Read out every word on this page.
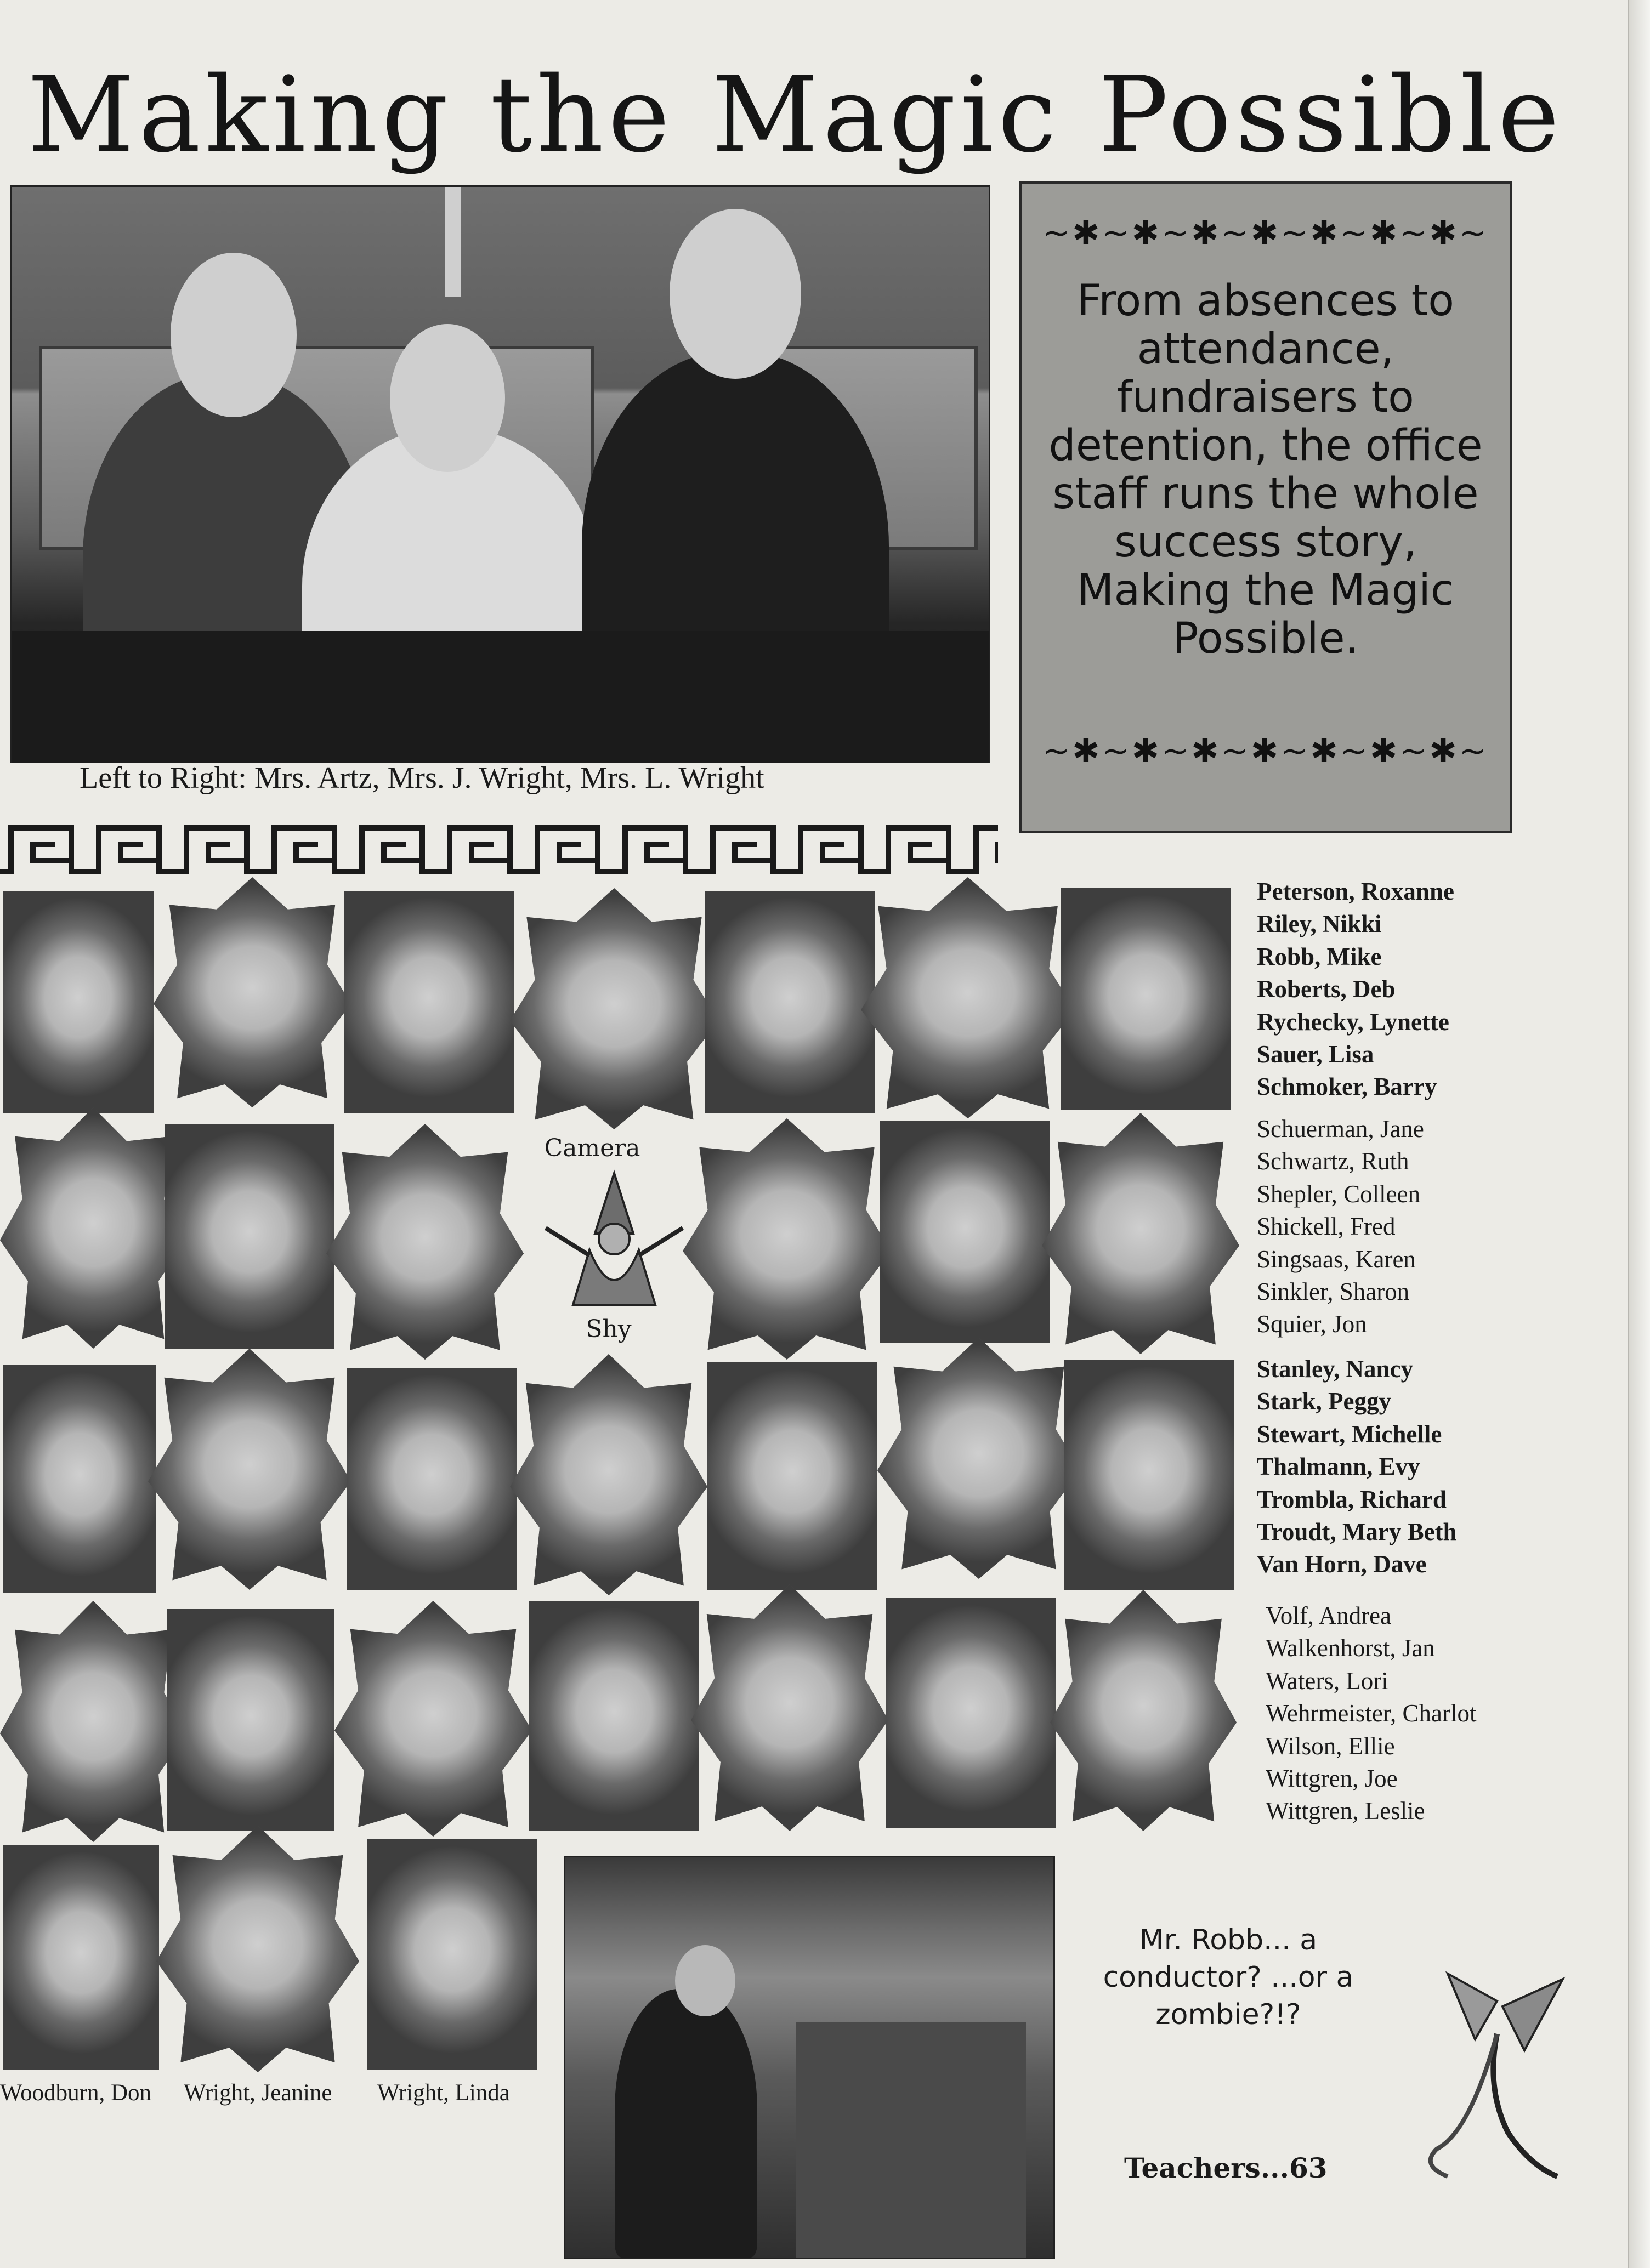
Making the Magic Possible
Left to Right: Mrs. Artz, Mrs. J. Wright, Mrs. L. Wright
~✱~✱~✱~✱~✱~✱~✱~
From absences to attendance, fundraisers to detention, the office staff runs the whole success story, Making the Magic Possible.
~✱~✱~✱~✱~✱~✱~✱~
Camera
Shy
Woodburn, Don Wright, Jeanine Wright, Linda
Peterson, Roxanne
Riley, Nikki
Robb, Mike
Roberts, Deb
Rychecky, Lynette
Sauer, Lisa
Schmoker, Barry
Schuerman, Jane
Schwartz, Ruth
Shepler, Colleen
Shickell, Fred
Singsaas, Karen
Sinkler, Sharon
Squier, Jon
Stanley, Nancy
Stark, Peggy
Stewart, Michelle
Thalmann, Evy
Trombla, Richard
Troudt, Mary Beth
Van Horn, Dave
Volf, Andrea
Walkenhorst, Jan
Waters, Lori
Wehrmeister, Charlot
Wilson, Ellie
Wittgren, Joe
Wittgren, Leslie
Mr. Robb... a conductor? ...or a zombie?!?
Teachers...63
